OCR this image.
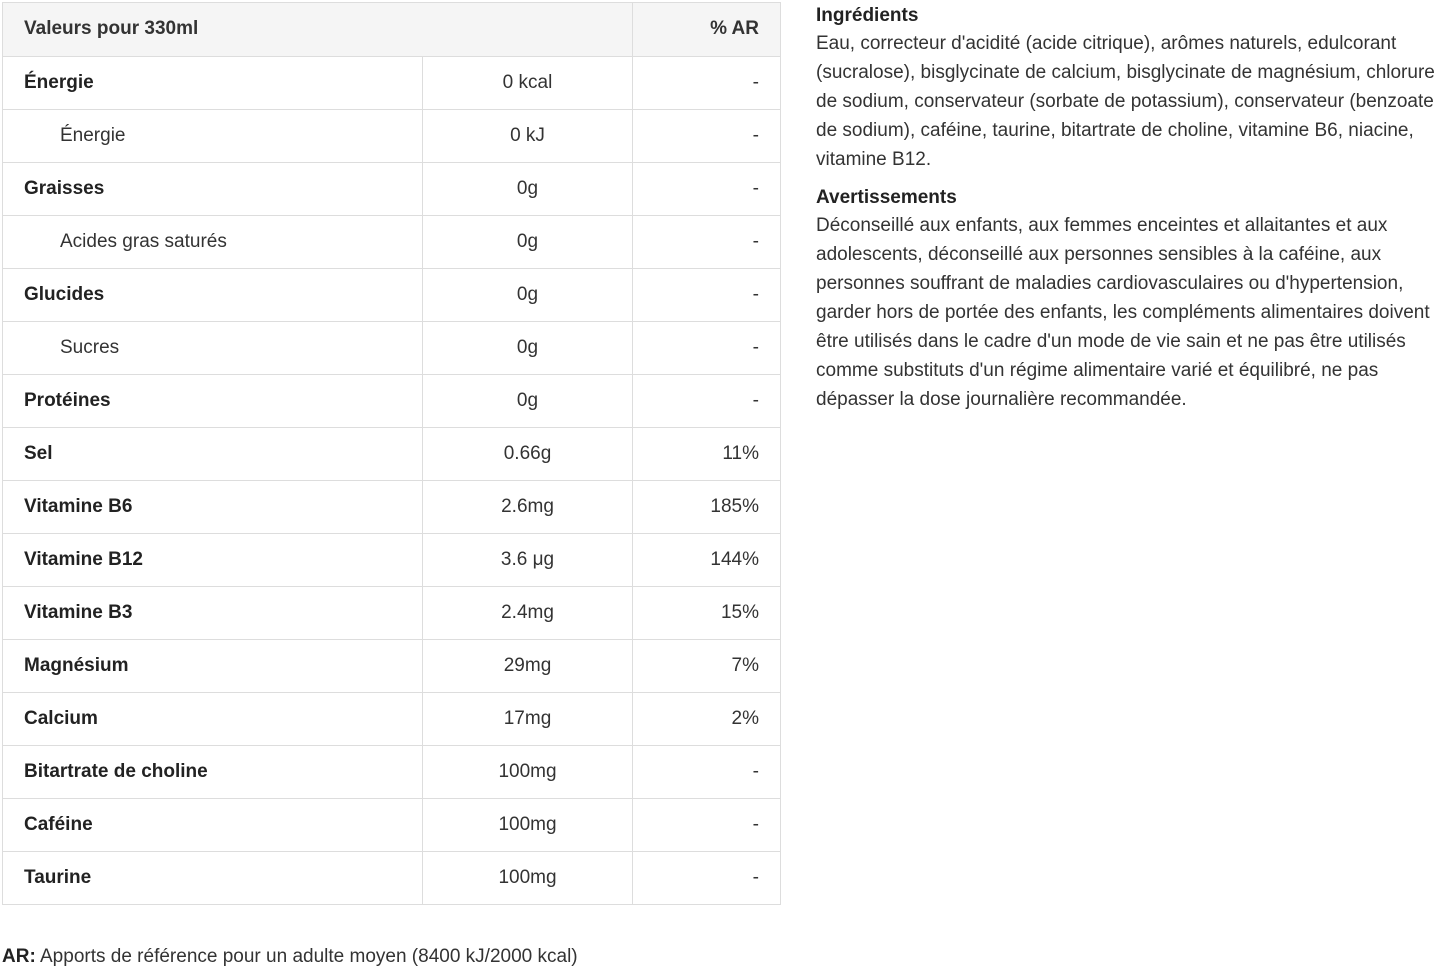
Valeurs pour 330ml		% AR
Énergie	0 kcal	-
Énergie	0 kJ	-
Graisses	0g	-
Acides gras saturés	0g	-
Glucides	0g	-
Sucres	0g	-
Protéines	0g	-
Sel	0.66g	11%
Vitamine B6	2.6mg	185%
Vitamine B12	3.6 μg	144%
Vitamine B3	2.4mg	15%
Magnésium	29mg	7%
Calcium	17mg	2%
Bitartrate de choline	100mg	-
Caféine	100mg	-
Taurine	100mg	-
AR: Apports de référence pour un adulte moyen (8400 kJ/2000 kcal)
Ingrédients

Eau, correcteur d'acidité (acide citrique), arômes naturels, edulcorant (sucralose), bisglycinate de calcium, bisglycinate de magnésium, chlorure de sodium, conservateur (sorbate de potassium), conservateur (benzoate de sodium), caféine, taurine, bitartrate de choline, vitamine B6, niacine, vitamine B12.

Avertissements

Déconseillé aux enfants, aux femmes enceintes et allaitantes et aux adolescents, déconseillé aux personnes sensibles à la caféine, aux personnes souffrant de maladies cardiovasculaires ou d'hypertension, garder hors de portée des enfants, les compléments alimentaires doivent être utilisés dans le cadre d'un mode de vie sain et ne pas être utilisés comme substituts d'un régime alimentaire varié et équilibré, ne pas dépasser la dose journalière recommandée.
